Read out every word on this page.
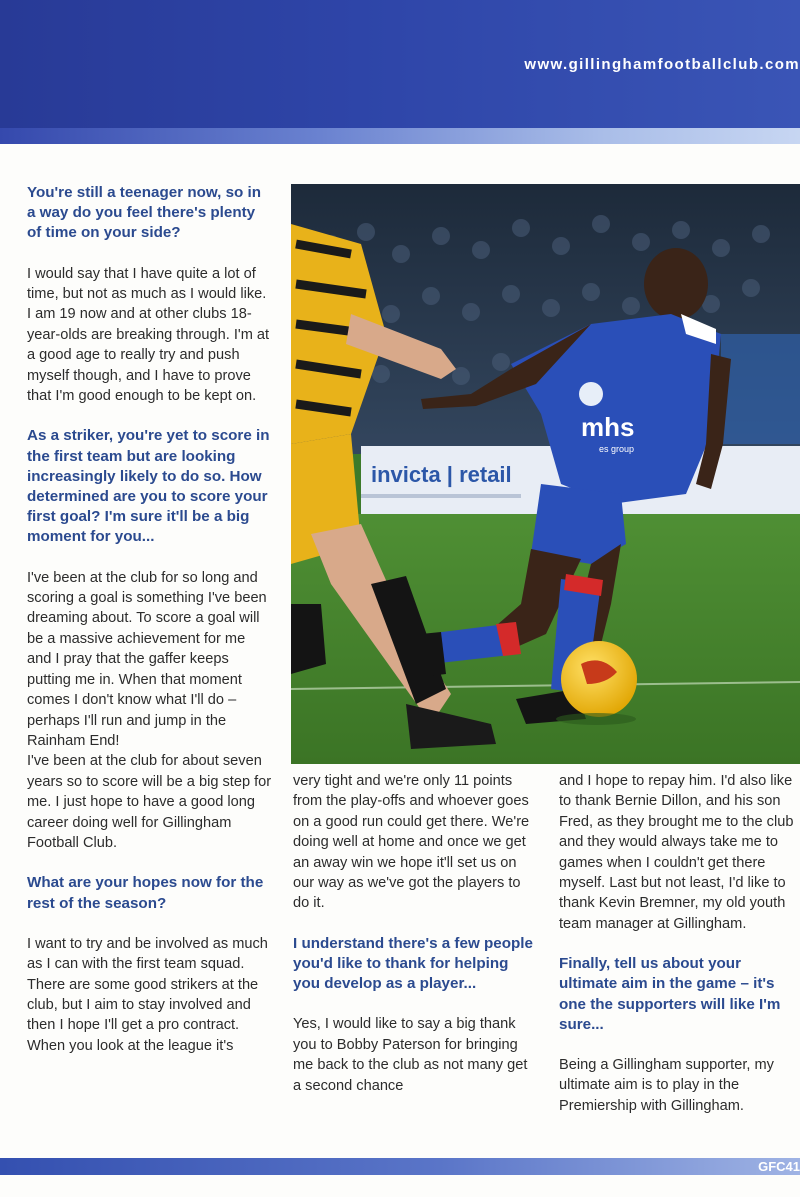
www.gillinghamfootballclub.com

You're still a teenager now, so in a way do you feel there's plenty of time on your side?

I would say that I have quite a lot of time, but not as much as I would like. I am 19 now and at other clubs 18-year-olds are breaking through. I'm at a good age to really try and push myself though, and I have to prove that I'm good enough to be kept on.

As a striker, you're yet to score in the first team but are looking increasingly likely to do so. How determined are you to score your first goal? I'm sure it'll be a big moment for you...

I've been at the club for so long and scoring a goal is something I've been dreaming about. To score a goal will be a massive achievement for me and I pray that the gaffer keeps putting me in. When that moment comes I don't know what I'll do – perhaps I'll run and jump in the Rainham End!

I've been at the club for about seven years so to score will be a big step for me. I just hope to have a good long career doing well for Gillingham Football Club.

What are your hopes now for the rest of the season?

I want to try and be involved as much as I can with the first team squad. There are some good strikers at the club, but I aim to stay involved and then I hope I'll get a pro contract. When you look at the league it's

invicta | retail
mhs
es group

very tight and we're only 11 points from the play-offs and whoever goes on a good run could get there. We're doing well at home and once we get an away win we hope it'll set us on our way as we've got the players to do it.

I understand there's a few people you'd like to thank for helping you develop as a player...

Yes, I would like to say a big thank you to Bobby Paterson for bringing me back to the club as not many get a second chance

and I hope to repay him. I'd also like to thank Bernie Dillon, and his son Fred, as they brought me to the club and they would always take me to games when I couldn't get there myself. Last but not least, I'd like to thank Kevin Bremner, my old youth team manager at Gillingham.

Finally, tell us about your ultimate aim in the game – it's one the supporters will like I'm sure...

Being a Gillingham supporter, my ultimate aim is to play in the Premiership with Gillingham.

GFC41
